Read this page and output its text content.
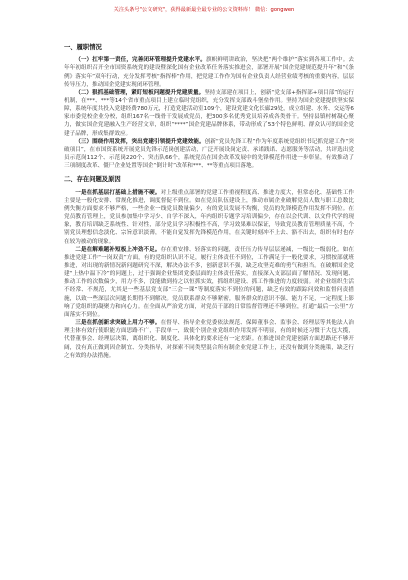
关注头条号"公文研究"，获得最新最全最专业的公文资料库！ 微信：gongwen

一、履职情况

（一）扛牢第一责任，完善闭环管理提升党建水平。旗帜鲜明讲政治，坚决把“两个维护”落实到各项工作中。去年年初组织召开全市国资系统党的建设暨深化国有企业改革任务落实推进会，部署开展“国企党建规范提升年”和“《条例》落实年”双年行动，充分发挥考核“指挥棒”作用，把党建工作作为国有企业负责人经营业绩考核的重要内容，层层传导压力，推动国企党建实现闭环管理。

（二）狠抓基础管理，紧盯短板问题提升党建质量。坚持支部建在项目上，创新“党支部+指挥部+项目部”的运行机制，在***、***等14个省市重点项目上建立临时党组织，充分发挥支部战斗堡垒作用。坚持为国企党建提供坚实保障，系统年度共投入党建经费780万元，打造党建活动室109个，建设党建文化长廊29处，成立组建、水务、交运等6家市委党校企业分校，组织167名一线骨干发展成党员，把300多名优秀党员培养成各类骨干。坚持县镇村树凝心聚力，做实国企党建融入生产经营文章，组织“****”国企党建品牌体系，带动形成了53个特色鲜明、群众认可的国企党建子品牌，形成集群效应。

（三）围绕作用发挥，突出党建引领提升党建效能。创新“党员先锋工程”作为年度系统党组织书记抓党建工作“突破项目”，在市国资系统开展党员先锋示范岗创建活动，广泛开展设岗定责、承诺践诺、志愿服务等活动，共评选出党员示范岗112个、示范岗220个、突击队66个，系统党员在国企改革发展中的先锋模范作用进一步彰显，有效推动了三项制度改革、僵尸企业处置等国企“倒计时”改革和***、**等重点项目落地。

二、存在问题及原因

一是在抓基层打基础上措施不硬。对上级重点部署的党建工作重视程度高、推进力度大，但常态化、基础性工作主要是一般化安排、常规化推进，调度督促不到位。如在党员队伍建设上，推动市属企业破解党员人数与职工总数比例失衡方面要求不够严格，一些企业一线党员数量偏少，有的党员发展不均衡，党员的先锋模范作用发挥不到位。在党员教育管理上，党员参加集中学习少、自学不深入，年内组织专题学习培训偏少，存在以会代训、以文件代学的现象，教育培训缺乏系统性、针对性，部分党员学习积极性不高，学习效果难以保证，导致党员教育管理质量不高，个别党员理想信念淡化、宗旨意识淡薄，不能自觉发挥先锋模范作用，在关键时刻冲不上去、豁不出去，组织有时也存在较为被动的现象。

二是在解难题补短板上冲劲不足。存在重安排、轻落实的问题，责任压力传导层层递减，一级比一级弱化。如在推进党建工作“一岗双责”方面，有的党组织认识不足，履行主体责任不到位，工作满足于一般化要求，习惯按部就班推进，对出现的新情况新问题研究不深，解决办法不多，创新意识不强，缺乏攻坚克难的勇气和担当。在破解国企党建“上热中温下冷”的问题上，过于强调企业集团党委层面的主体责任落实，直接深入支部层面了解情况、发现问题、推动工作的次数偏少，用力不多，没能做到持之以恒抓实效，抓组织建设、抓工作推进的力度较弱。对企业组织生活不经常、不规范，尤其是一些基层党支部“三会一课”等制度落实不到位的问题，缺乏有效的跟踪问效和监督问责措施，以致一些深层次问题长期得不到解决。党员联系群众不够紧密，服务群众的意识不强、能力不足，一定程度上影响了党组织的凝聚力和向心力。在全面从严治党方面，对党员干部的日常监督管理还不够到位，打通“最后一公里”方面落实不到位。

三是在抓创新求突破上用力不够。在督导、指导企业党委依法规范、保障董事会、监事会、经理层等其他法人治理主体有效行使职能方面思路不广，手段单一，致使个别企业党组织作用发挥不明显，有的时候还习惯于大包大揽，代替董事会、经理层决策，离组织化、制度化、具体化的要求还有一定差距。在推进国企党建创新方面思路还不够开阔，没有真正做到因企制宜、分类指导，对探索不同类型混合所有制企业党建工作上，还没有做到分类施策，缺乏行之有效的办法措施。
